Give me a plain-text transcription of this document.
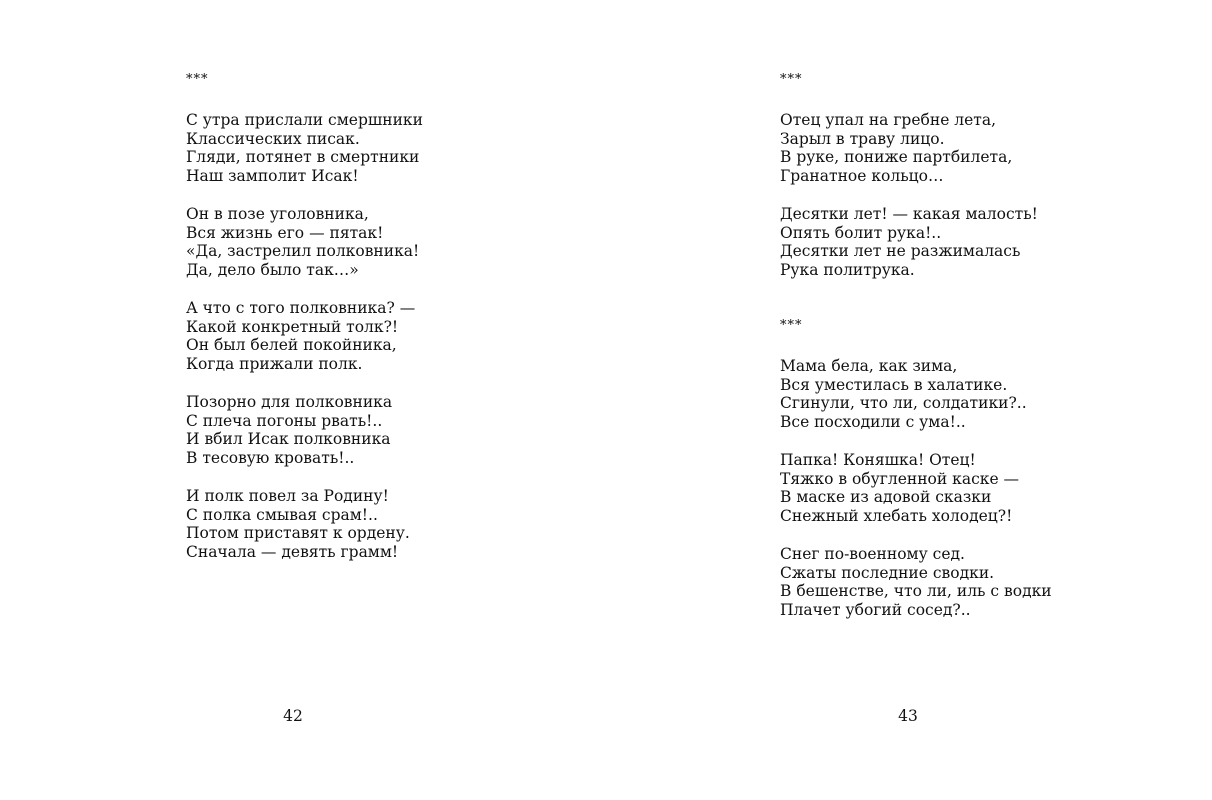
***
С утра прислали смершники
Классических писак.
Гляди, потянет в смертники
Наш замполит Исак!
Он в позе уголовника,
Вся жизнь его — пятак!
«Да, застрелил полковника!
Да, дело было так…»
А что с того полковника? —
Какой конкретный толк?!
Он был белей покойника,
Когда прижали полк.
Позорно для полковника
С плеча погоны рвать!..
И вбил Исак полковника
В тесовую кровать!..
И полк повел за Родину!
С полка смывая срам!..
Потом приставят к ордену.
Сначала — девять грамм!
42
***
Отец упал на гребне лета,
Зарыл в траву лицо.
В руке, пониже партбилета,
Гранатное кольцо…
Десятки лет! — какая малость!
Опять болит рука!..
Десятки лет не разжималась
Рука политрука.
***
Мама бела, как зима,
Вся уместилась в халатике.
Сгинули, что ли, солдатики?..
Все посходили с ума!..
Папка! Коняшка! Отец!
Тяжко в обугленной каске —
В маске из адовой сказки
Снежный хлебать холодец?!
Снег по-военному сед.
Сжаты последние сводки.
В бешенстве, что ли, иль с водки
Плачет убогий сосед?..
43
